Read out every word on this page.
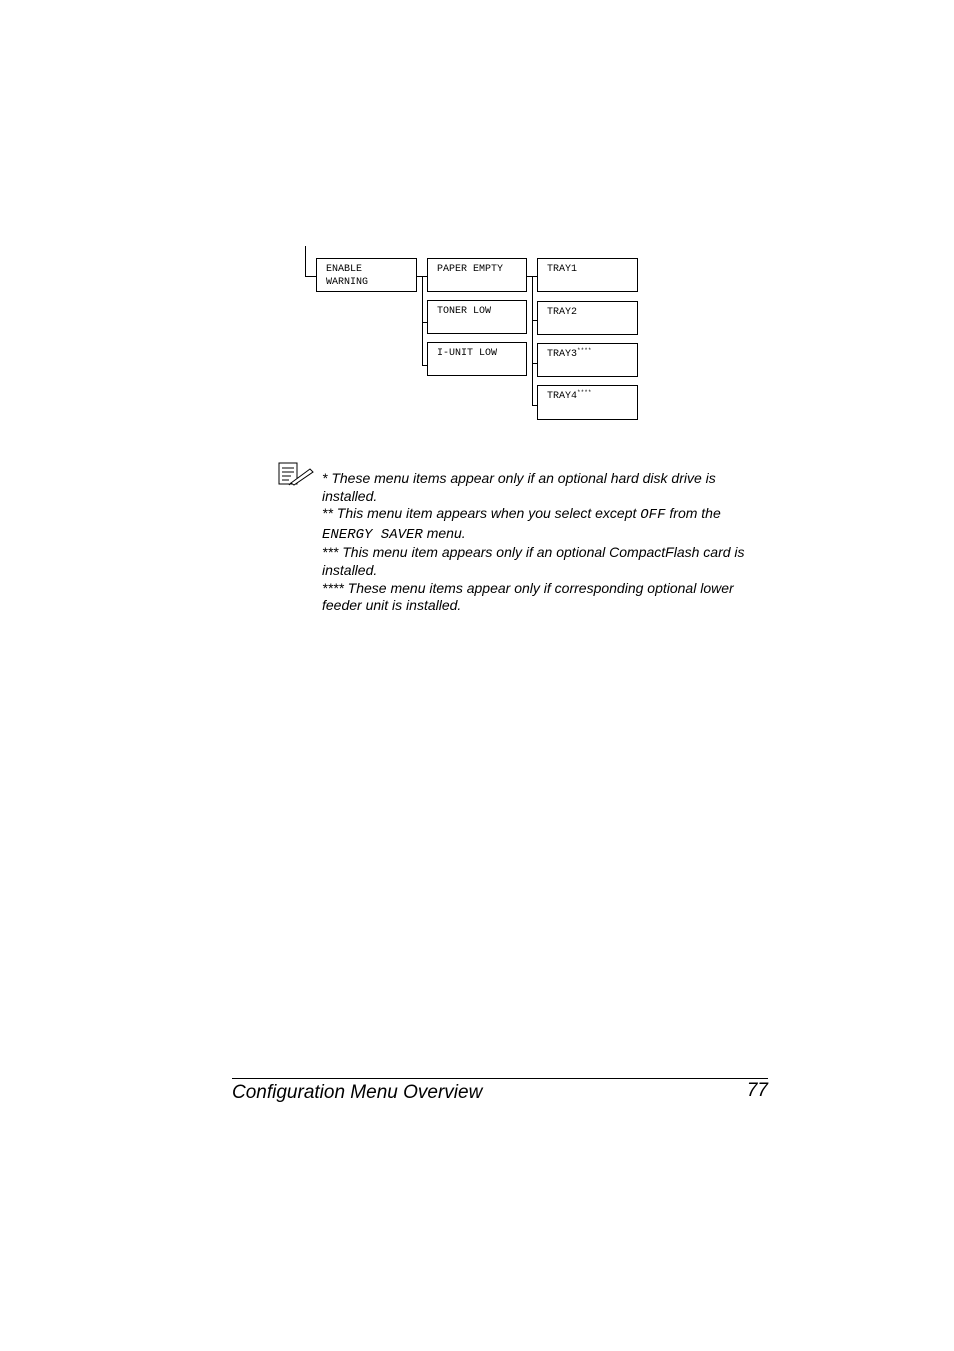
ENABLE
WARNING
PAPER EMPTY
TONER LOW
I-UNIT LOW
TRAY1
TRAY2
TRAY3****
TRAY4****

* These menu items appear only if an optional hard disk drive is installed.

** This menu item appears when you select except OFF from the ENERGY SAVER menu.

*** This menu item appears only if an optional CompactFlash card is installed.

**** These menu items appear only if corresponding optional lower feeder unit is installed.

Configuration Menu Overview	77
